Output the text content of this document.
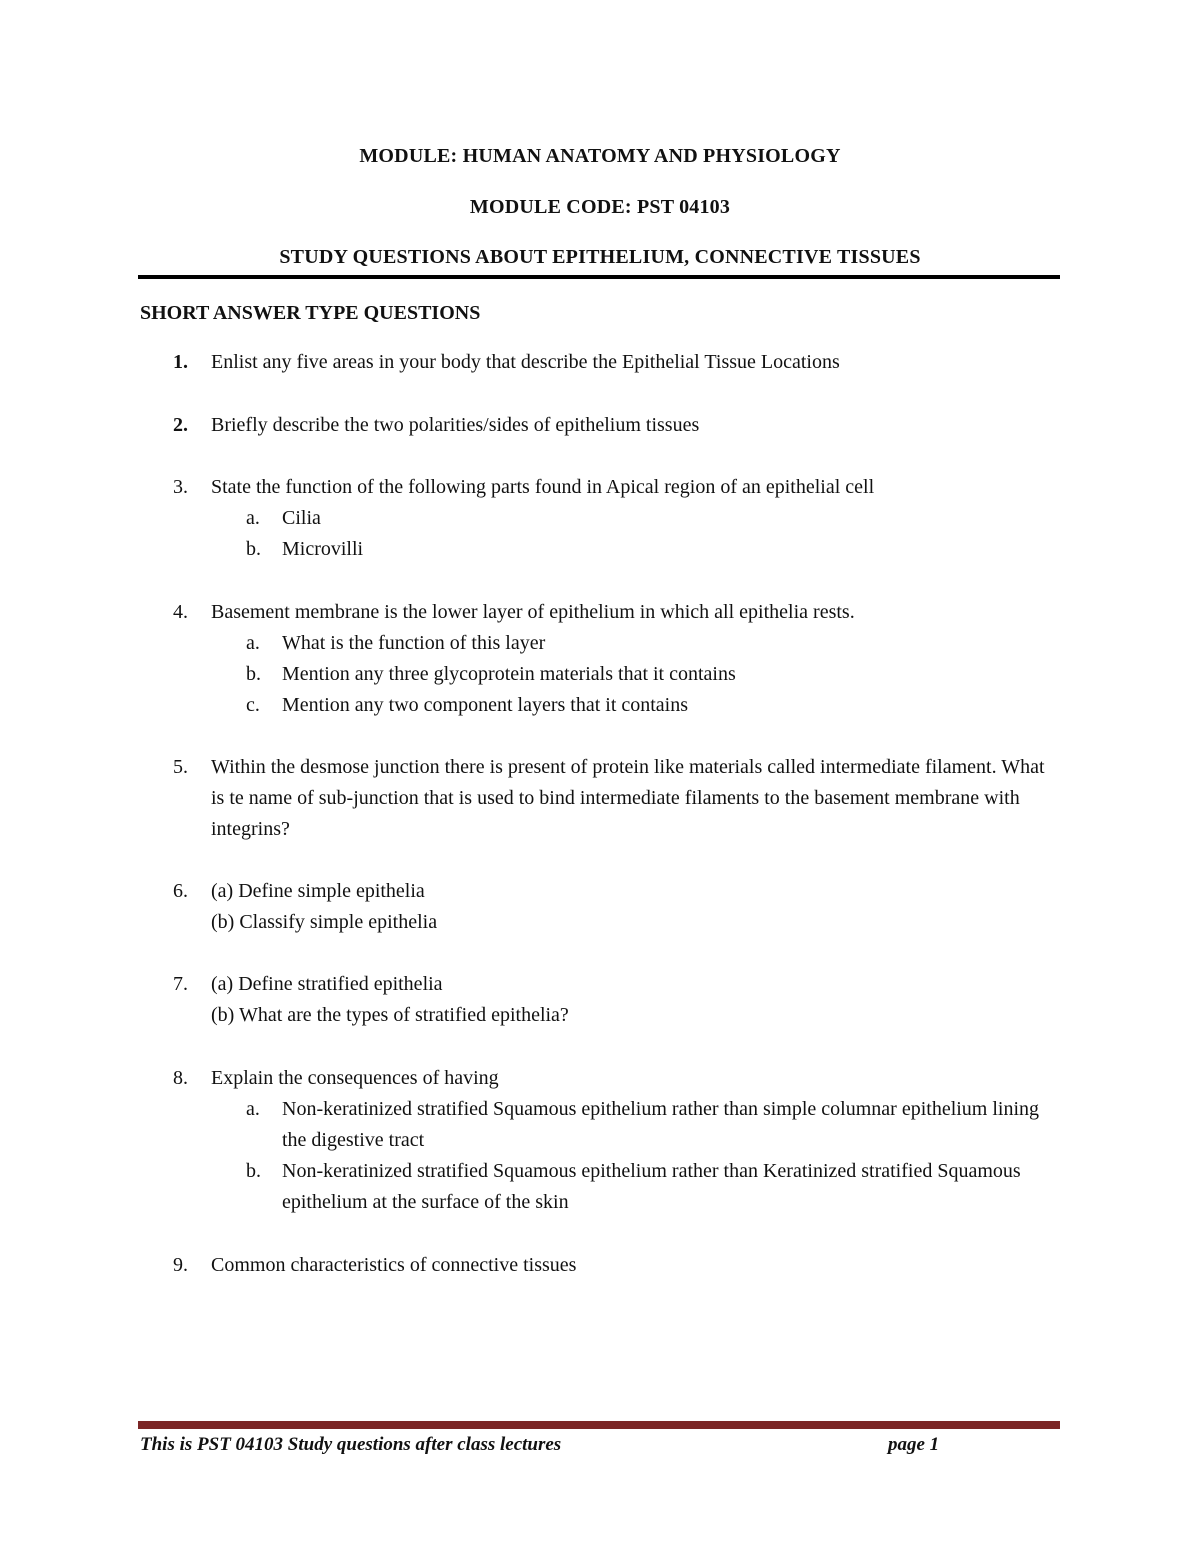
MODULE: HUMAN ANATOMY AND PHYSIOLOGY
MODULE CODE: PST 04103
STUDY QUESTIONS ABOUT EPITHELIUM, CONNECTIVE TISSUES
SHORT ANSWER TYPE QUESTIONS
1. Enlist any five areas in your body that describe the Epithelial Tissue Locations
2. Briefly describe the two polarities/sides of epithelium tissues
3. State the function of the following parts found in Apical region of an epithelial cell
a. Cilia
b. Microvilli
4. Basement membrane is the lower layer of epithelium in which all epithelia rests.
a. What is the function of this layer
b. Mention any three glycoprotein materials that it contains
c. Mention any two component layers that it contains
5. Within the desmose junction there is present of protein like materials called intermediate filament. What is te name of sub-junction that is used to bind intermediate filaments to the basement membrane with integrins?
6. (a) Define simple epithelia
(b) Classify simple epithelia
7. (a) Define stratified epithelia
(b) What are the types of stratified epithelia?
8. Explain the consequences of having
a. Non-keratinized stratified Squamous epithelium rather than simple columnar epithelium lining the digestive tract
b. Non-keratinized stratified Squamous epithelium rather than Keratinized stratified Squamous epithelium at the surface of the skin
9. Common characteristics of connective tissues
This is PST 04103 Study questions after class lectures	page 1
